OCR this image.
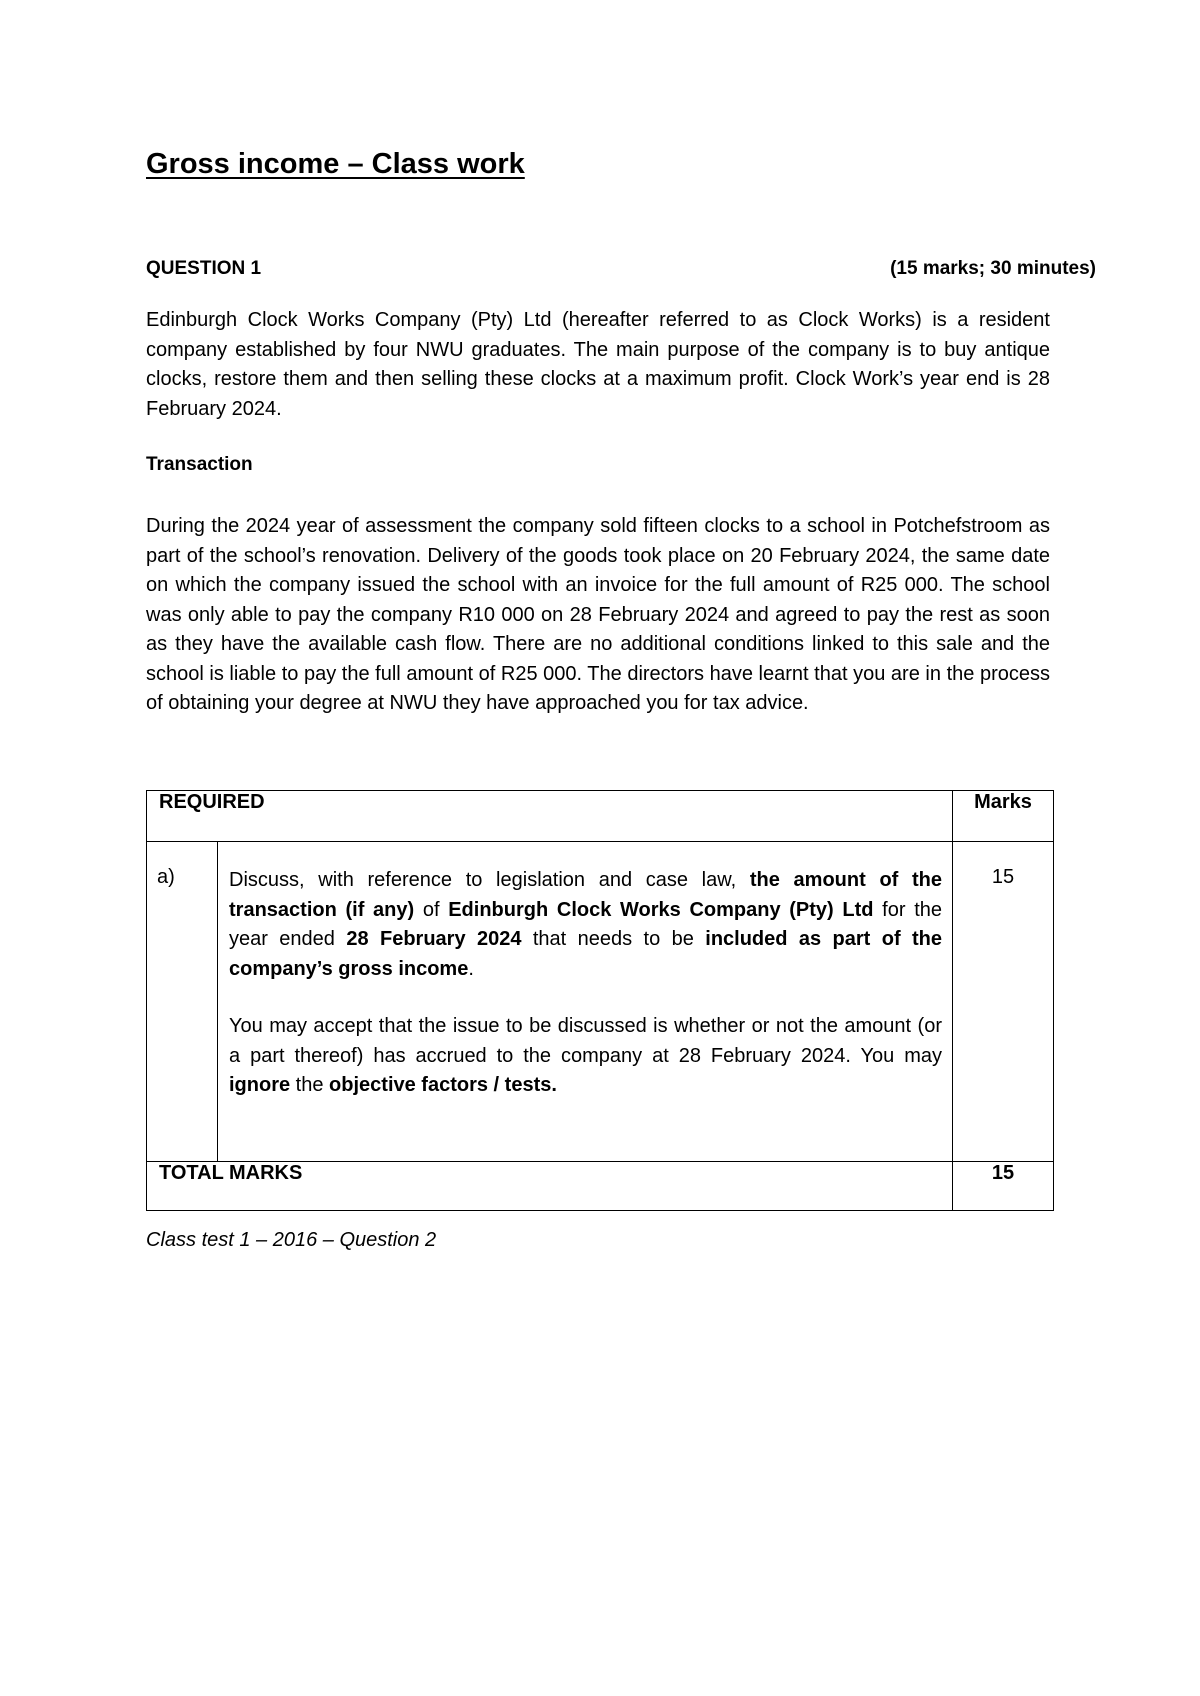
Gross income – Class work
QUESTION 1	(15 marks; 30 minutes)

Edinburgh Clock Works Company (Pty) Ltd (hereafter referred to as Clock Works) is a resident company established by four NWU graduates. The main purpose of the company is to buy antique clocks, restore them and then selling these clocks at a maximum profit. Clock Work’s year end is 28 February 2024.

Transaction

During the 2024 year of assessment the company sold fifteen clocks to a school in Potchefstroom as part of the school’s renovation. Delivery of the goods took place on 20 February 2024, the same date on which the company issued the school with an invoice for the full amount of R25 000. The school was only able to pay the company R10 000 on 28 February 2024 and agreed to pay the rest as soon as they have the available cash flow. There are no additional conditions linked to this sale and the school is liable to pay the full amount of R25 000. The directors have learnt that you are in the process of obtaining your degree at NWU they have approached you for tax advice.

REQUIRED		Marks
a)	Discuss, with reference to legislation and case law, the amount of the transaction (if any) of Edinburgh Clock Works Company (Pty) Ltd for the year ended 28 February 2024 that needs to be included as part of the company’s gross income.

You may accept that the issue to be discussed is whether or not the amount (or a part thereof) has accrued to the company at 28 February 2024. You may ignore the objective factors / tests.	15
TOTAL MARKS		15
Class test 1 – 2016 – Question 2
